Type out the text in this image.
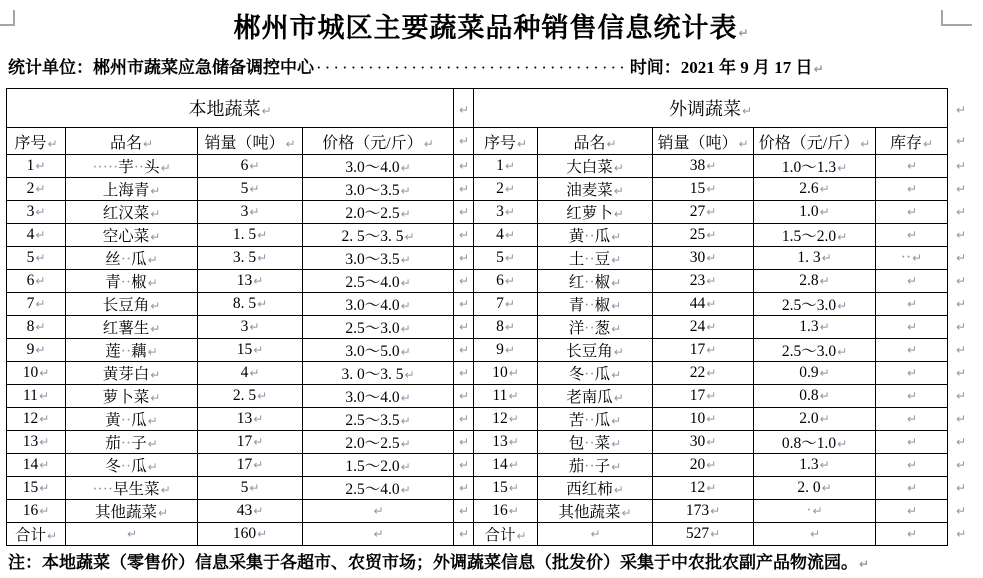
郴州市城区主要蔬菜品种销售信息统计表↵
统计单位：郴州市蔬菜应急储备调控中心 ···································· 时间：2021 年 9 月 17 日↵
本地蔬菜↵				↵	外调蔬菜↵					↵
序号↵	品名↵	销量（吨）↵	价格（元/斤）↵	↵	序号↵	品名↵	销量（吨）↵	价格（元/斤）↵	库存↵	↵
1↵	·····芋··头↵	6↵	3.0～4.0↵	↵	1↵	大白菜↵	38↵	1.0～1.3↵	↵	↵
2↵	上海青↵	5↵	3.0～3.5↵	↵	2↵	油麦菜↵	15↵	2.6↵	↵	↵
3↵	红汉菜↵	3↵	2.0～2.5↵	↵	3↵	红萝卜↵	27↵	1.0↵	↵	↵
4↵	空心菜↵	1. 5↵	2. 5～3. 5↵	↵	4↵	黄··瓜↵	25↵	1.5～2.0↵	↵	↵
5↵	丝··瓜↵	3. 5↵	3.0～3.5↵	↵	5↵	土··豆↵	30↵	1. 3↵	··↵	↵
6↵	青··椒↵	13↵	2.5～4.0↵	↵	6↵	红··椒↵	23↵	2.8↵	↵	↵
7↵	长豆角↵	8. 5↵	3.0～4.0↵	↵	7↵	青··椒↵	44↵	2.5～3.0↵	↵	↵
8↵	红薯生↵	3↵	2.5～3.0↵	↵	8↵	洋··葱↵	24↵	1.3↵	↵	↵
9↵	莲··藕↵	15↵	3.0～5.0↵	↵	9↵	长豆角↵	17↵	2.5～3.0↵	↵	↵
10↵	黄芽白↵	4↵	3. 0～3. 5↵	↵	10↵	冬··瓜↵	22↵	0.9↵	↵	↵
11↵	萝卜菜↵	2. 5↵	3.0～4.0↵	↵	11↵	老南瓜↵	17↵	0.8↵	↵	↵
12↵	黄··瓜↵	13↵	2.5～3.5↵	↵	12↵	苦··瓜↵	10↵	2.0↵	↵	↵
13↵	茄··子↵	17↵	2.0～2.5↵	↵	13↵	包··菜↵	30↵	0.8～1.0↵	↵	↵
14↵	冬··瓜↵	17↵	1.5～2.0↵	↵	14↵	茄··子↵	20↵	1.3↵	↵	↵
15↵	····早生菜↵	5↵	2.5～4.0↵	↵	15↵	西红柿↵	12↵	2. 0↵	↵	↵
16↵	其他蔬菜↵	43↵	↵	↵	16↵	其他蔬菜↵	173↵	·↵	↵	↵
合计↵	↵	160↵	↵	↵	合计↵	↵	527↵	↵	↵	↵
注：本地蔬菜（零售价）信息采集于各超市、农贸市场；外调蔬菜信息（批发价）采集于中农批农副产品物流园。↵
